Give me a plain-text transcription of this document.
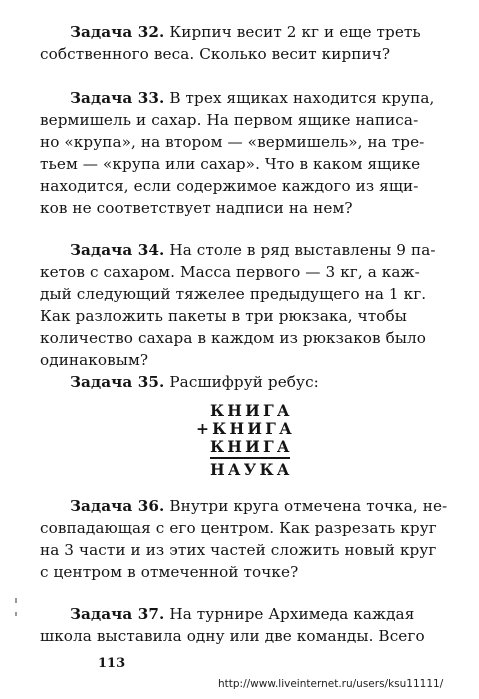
Задача 32. Кирпич весит 2 кг и еще треть
собственного веса. Сколько весит кирпич?
Задача 33. В трех ящиках находится крупа,
вермишель и сахар. На первом ящике написа-
но «крупа», на втором — «вермишель», на тре-
тьем — «крупа или сахар». Что в каком ящике
находится, если содержимое каждого из ящи-
ков не соответствует надписи на нем?
Задача 34. На столе в ряд выставлены 9 па-
кетов с сахаром. Масса первого — 3 кг, а каж-
дый следующий тяжелее предыдущего на 1 кг.
Как разложить пакеты в три рюкзака, чтобы
количество сахара в каждом из рюкзаков было
одинаковым?
Задача 35. Расшифруй ребус:
КНИГА
+КНИГА
КНИГА
НАУКА
Задача 36. Внутри круга отмечена точка, не-
совпадающая с его центром. Как разрезать круг
на 3 части и из этих частей сложить новый круг
с центром в отмеченной точке?
Задача 37. На турнире Архимеда каждая
школа выставила одну или две команды. Всего
113
http://www.liveinternet.ru/users/ksu11111/
